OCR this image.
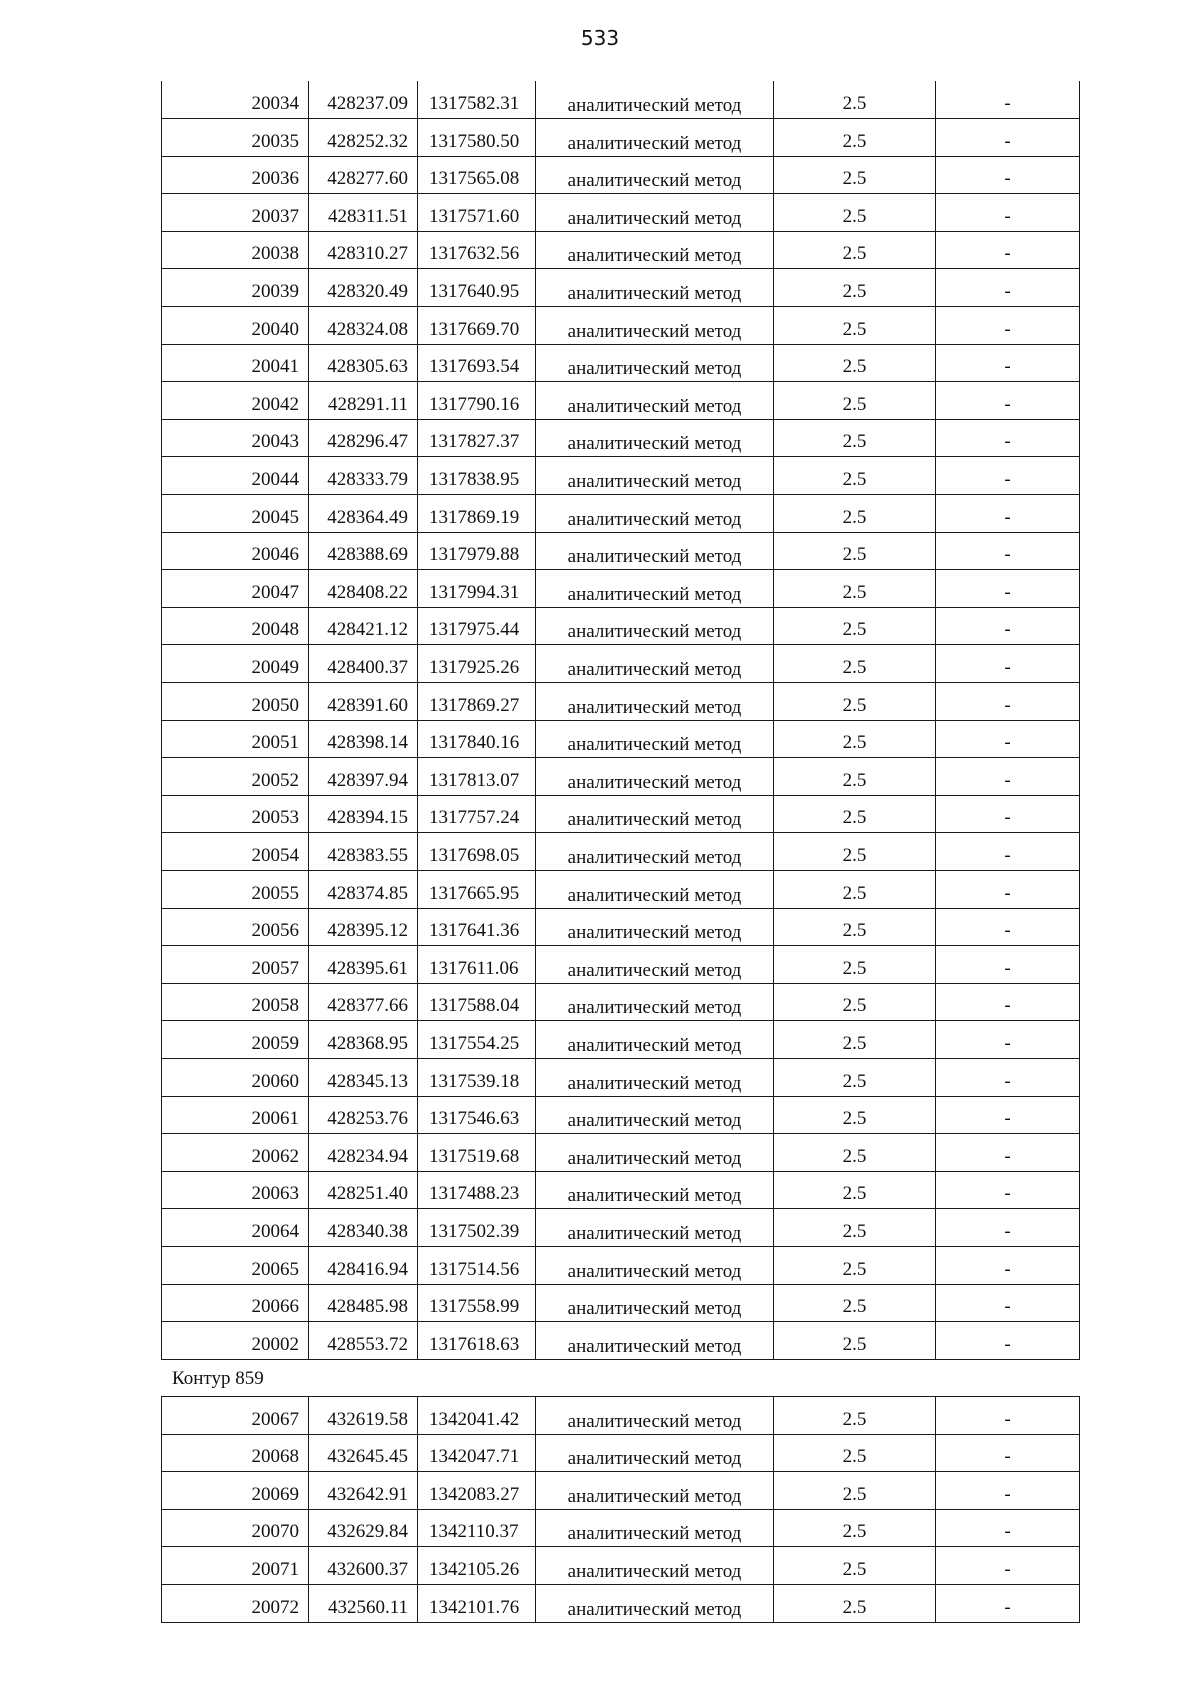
533
20034	428237.09	1317582.31	аналитический метод	2.5	-
20035	428252.32	1317580.50	аналитический метод	2.5	-
20036	428277.60	1317565.08	аналитический метод	2.5	-
20037	428311.51	1317571.60	аналитический метод	2.5	-
20038	428310.27	1317632.56	аналитический метод	2.5	-
20039	428320.49	1317640.95	аналитический метод	2.5	-
20040	428324.08	1317669.70	аналитический метод	2.5	-
20041	428305.63	1317693.54	аналитический метод	2.5	-
20042	428291.11	1317790.16	аналитический метод	2.5	-
20043	428296.47	1317827.37	аналитический метод	2.5	-
20044	428333.79	1317838.95	аналитический метод	2.5	-
20045	428364.49	1317869.19	аналитический метод	2.5	-
20046	428388.69	1317979.88	аналитический метод	2.5	-
20047	428408.22	1317994.31	аналитический метод	2.5	-
20048	428421.12	1317975.44	аналитический метод	2.5	-
20049	428400.37	1317925.26	аналитический метод	2.5	-
20050	428391.60	1317869.27	аналитический метод	2.5	-
20051	428398.14	1317840.16	аналитический метод	2.5	-
20052	428397.94	1317813.07	аналитический метод	2.5	-
20053	428394.15	1317757.24	аналитический метод	2.5	-
20054	428383.55	1317698.05	аналитический метод	2.5	-
20055	428374.85	1317665.95	аналитический метод	2.5	-
20056	428395.12	1317641.36	аналитический метод	2.5	-
20057	428395.61	1317611.06	аналитический метод	2.5	-
20058	428377.66	1317588.04	аналитический метод	2.5	-
20059	428368.95	1317554.25	аналитический метод	2.5	-
20060	428345.13	1317539.18	аналитический метод	2.5	-
20061	428253.76	1317546.63	аналитический метод	2.5	-
20062	428234.94	1317519.68	аналитический метод	2.5	-
20063	428251.40	1317488.23	аналитический метод	2.5	-
20064	428340.38	1317502.39	аналитический метод	2.5	-
20065	428416.94	1317514.56	аналитический метод	2.5	-
20066	428485.98	1317558.99	аналитический метод	2.5	-
20002	428553.72	1317618.63	аналитический метод	2.5	-
Контур 859
20067	432619.58	1342041.42	аналитический метод	2.5	-
20068	432645.45	1342047.71	аналитический метод	2.5	-
20069	432642.91	1342083.27	аналитический метод	2.5	-
20070	432629.84	1342110.37	аналитический метод	2.5	-
20071	432600.37	1342105.26	аналитический метод	2.5	-
20072	432560.11	1342101.76	аналитический метод	2.5	-
